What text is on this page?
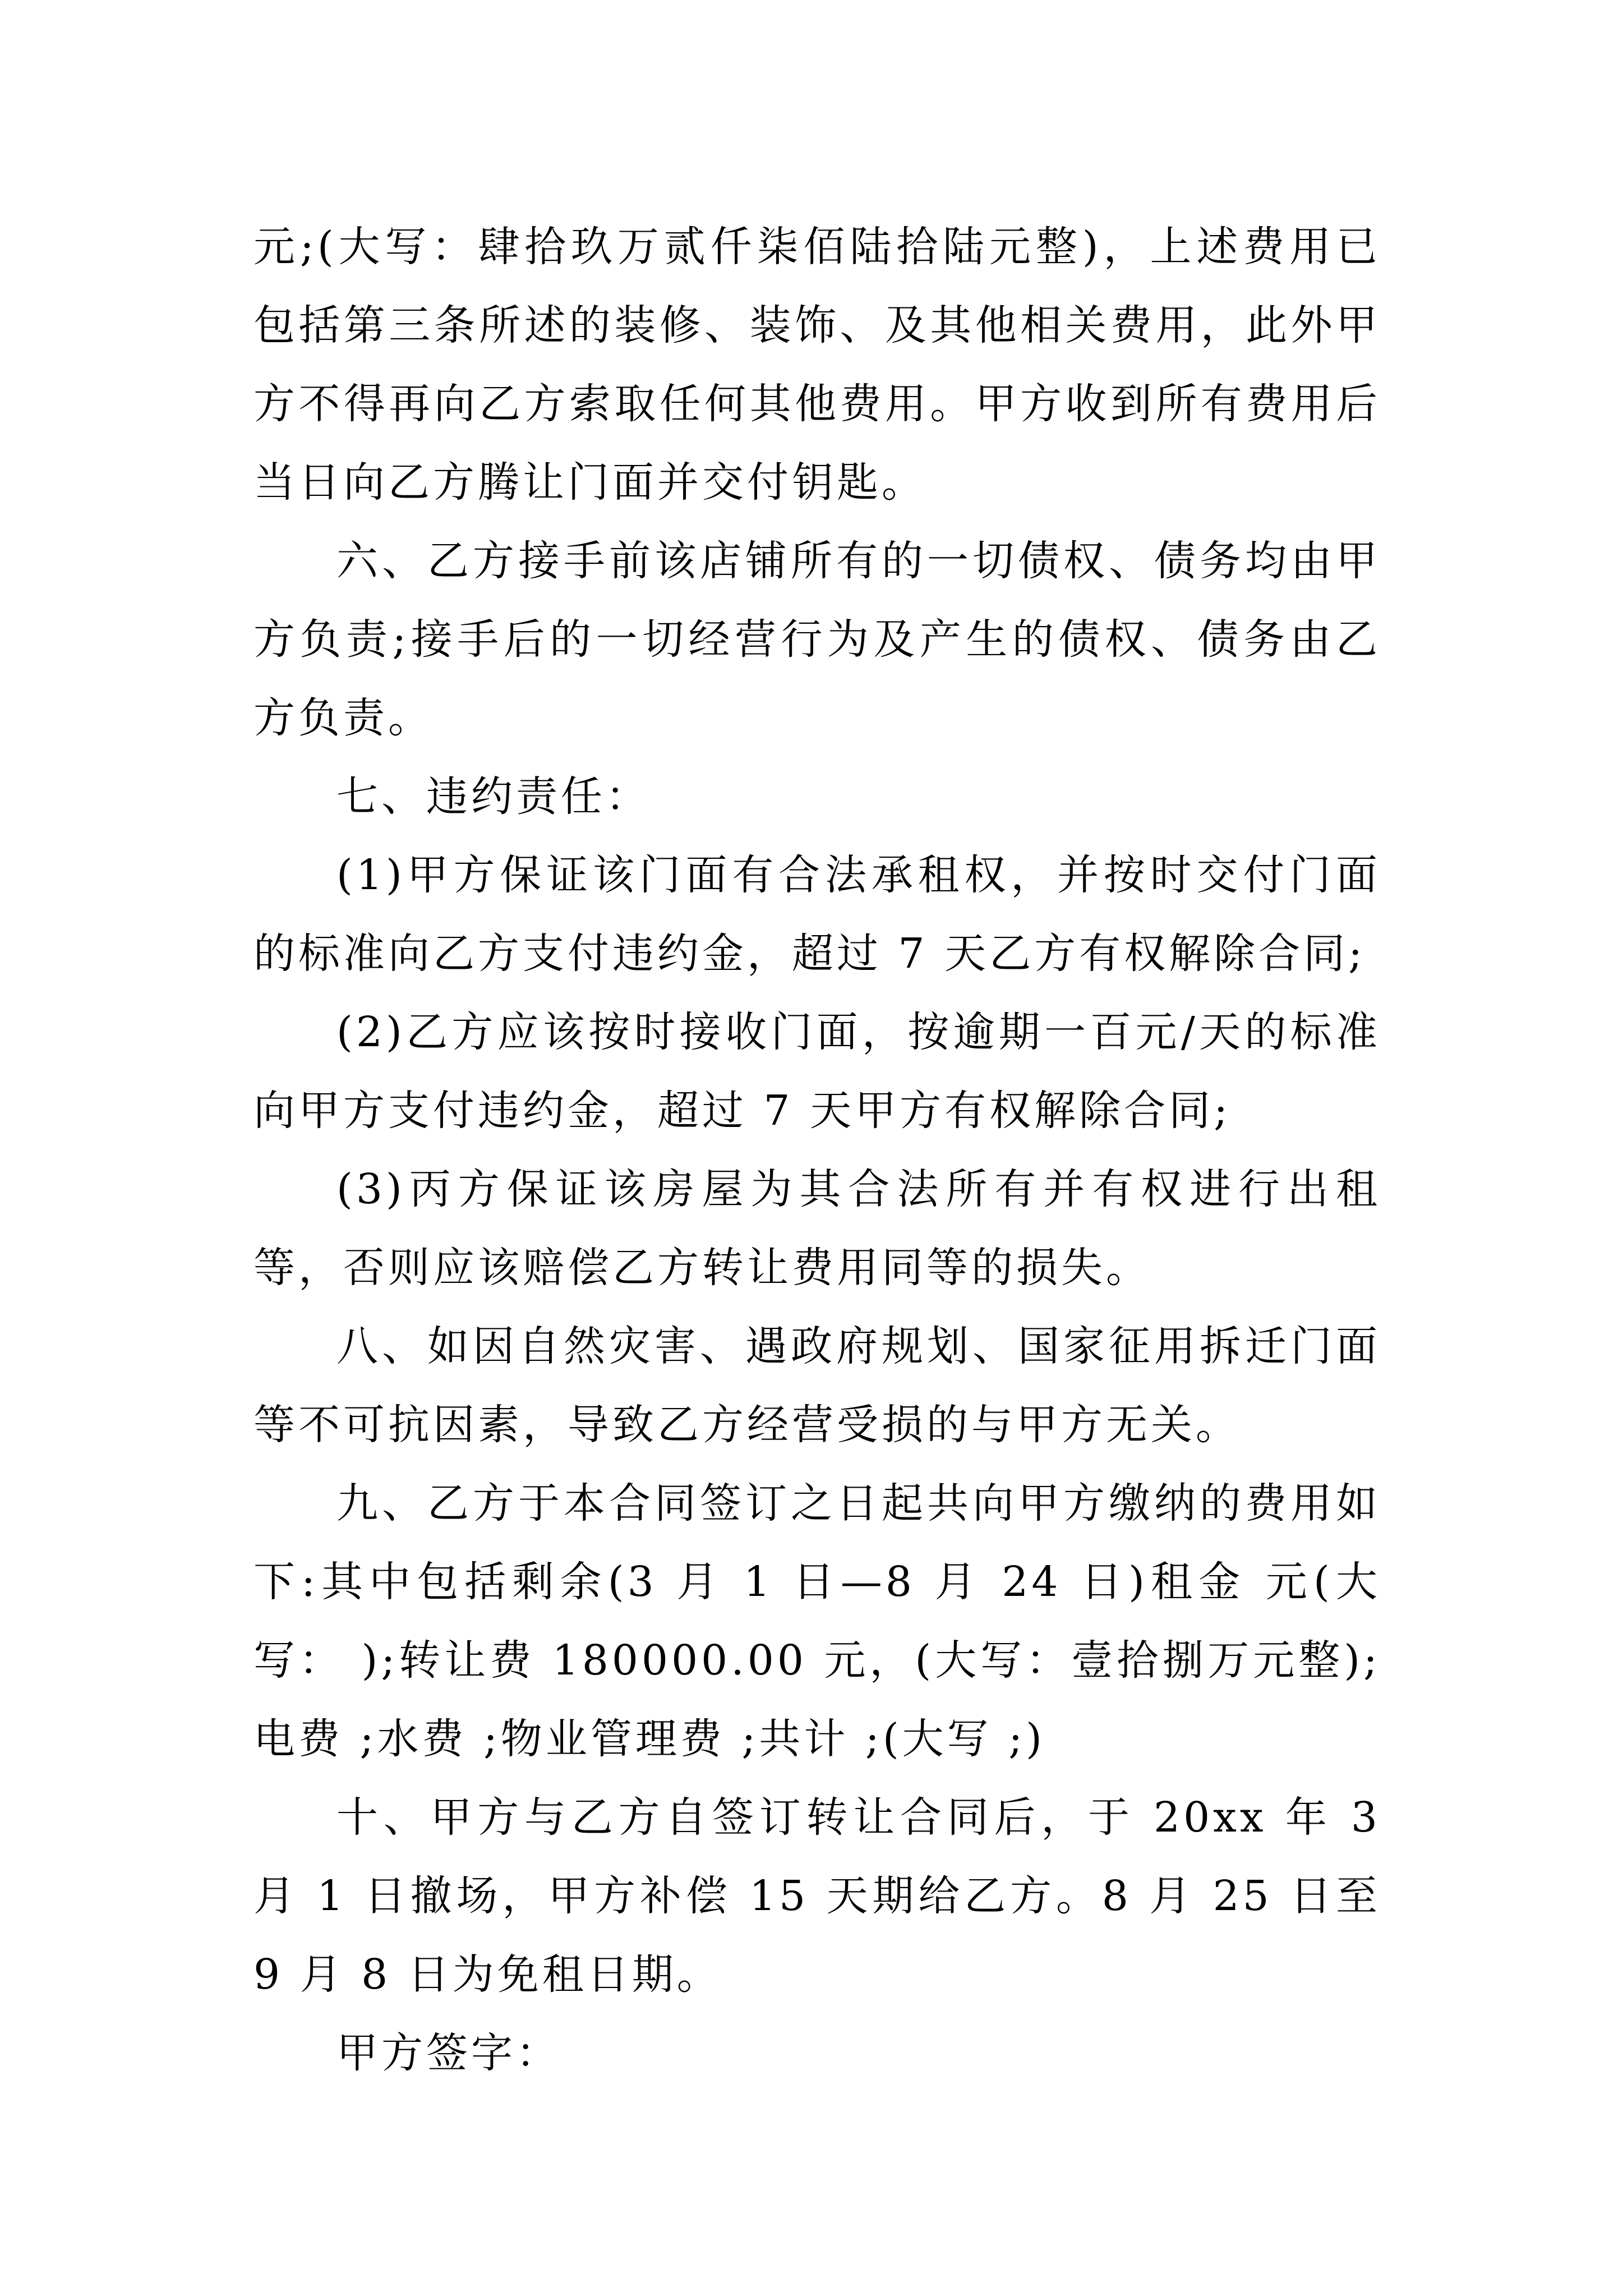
元;(大写：肆拾玖万贰仟柒佰陆拾陆元整)，上述费用已包括第三条所述的装修、装饰、及其他相关费用，此外甲方不得再向乙方索取任何其他费用。甲方收到所有费用后当日向乙方腾让门面并交付钥匙。

六、乙方接手前该店铺所有的一切债权、债务均由甲方负责;接手后的一切经营行为及产生的债权、债务由乙方负责。

七、违约责任：

(1)甲方保证该门面有合法承租权，并按时交付门面的标准向乙方支付违约金，超过 7 天乙方有权解除合同;

(2)乙方应该按时接收门面，按逾期一百元/天的标准向甲方支付违约金，超过 7 天甲方有权解除合同;

(3)丙方保证该房屋为其合法所有并有权进行出租等，否则应该赔偿乙方转让费用同等的损失。

八、如因自然灾害、遇政府规划、国家征用拆迁门面等不可抗因素，导致乙方经营受损的与甲方无关。

九、乙方于本合同签订之日起共向甲方缴纳的费用如下:其中包括剩余(3 月 1 日—8 月 24 日)租金 元(大写： );转让费 180000.00 元，(大写：壹拾捌万元整);电费 ;水费 ;物业管理费 ;共计 ;(大写 ;)

十、甲方与乙方自签订转让合同后，于 20xx 年 3 月 1 日撤场，甲方补偿 15 天期给乙方。8 月 25 日至 9 月 8 日为免租日期。

甲方签字：
